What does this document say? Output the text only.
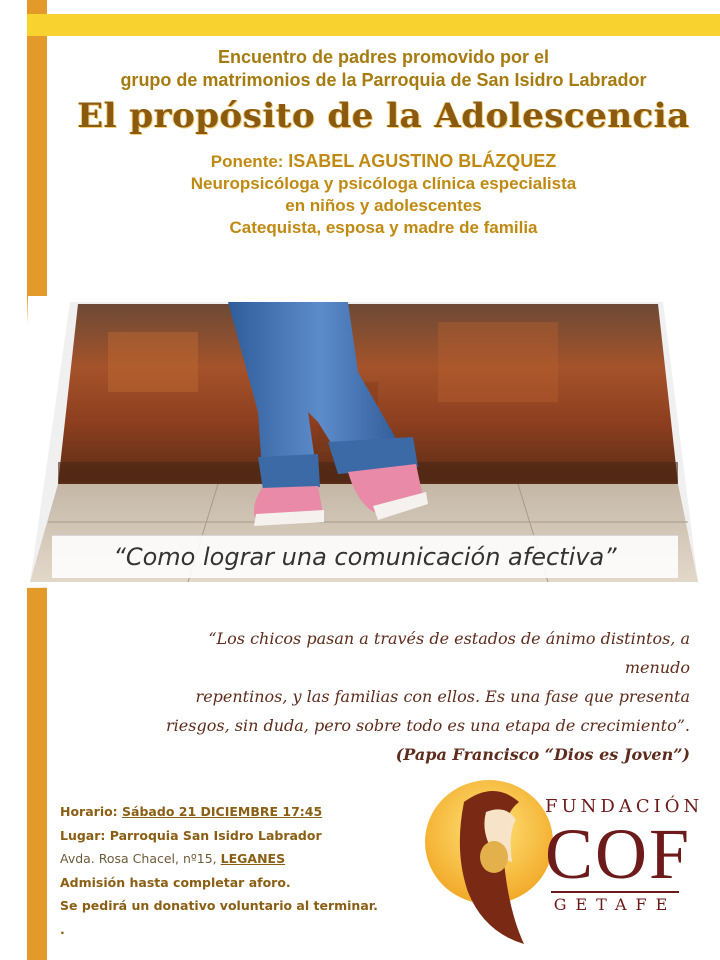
Encuentro de padres promovido por el
grupo de matrimonios de la Parroquia de San Isidro Labrador
El propósito de la Adolescencia
Ponente: ISABEL AGUSTINO BLÁZQUEZ
Neuropsicóloga y psicóloga clínica especialista
en niños y adolescentes
Catequista, esposa y madre de familia
“Como lograr una comunicación afectiva”
“Los chicos pasan a través de estados de ánimo distintos, a menudo
repentinos, y las familias con ellos. Es una fase que presenta
riesgos, sin duda, pero sobre todo es una etapa de crecimiento”.
(Papa Francisco “Dios es Joven”)
Horario: Sábado 21 DICIEMBRE 17:45
Lugar: Parroquia San Isidro Labrador
Avda. Rosa Chacel, nº15, LEGANES
Admisión hasta completar aforo.
Se pedirá un donativo voluntario al terminar.
.
FUNDACIÓN
COF
GETAFE
